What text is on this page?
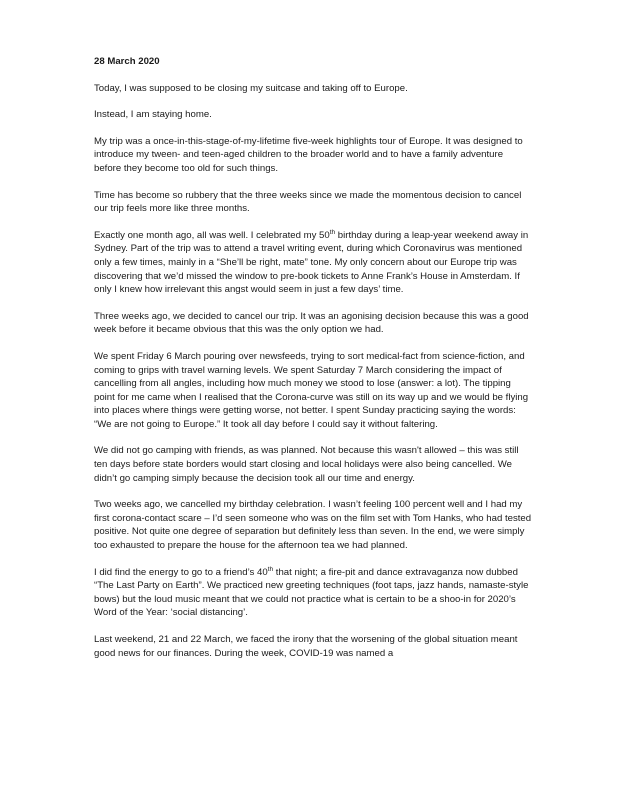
28 March 2020

Today, I was supposed to be closing my suitcase and taking off to Europe.

Instead, I am staying home.

My trip was a once-in-this-stage-of-my-lifetime five-week highlights tour of Europe. It was designed to introduce my tween- and teen-aged children to the broader world and to have a family adventure before they become too old for such things.

Time has become so rubbery that the three weeks since we made the momentous decision to cancel our trip feels more like three months.

Exactly one month ago, all was well. I celebrated my 50th birthday during a leap-year weekend away in Sydney. Part of the trip was to attend a travel writing event, during which Coronavirus was mentioned only a few times, mainly in a “She’ll be right, mate” tone. My only concern about our Europe trip was discovering that we’d missed the window to pre-book tickets to Anne Frank’s House in Amsterdam. If only I knew how irrelevant this angst would seem in just a few days’ time.

Three weeks ago, we decided to cancel our trip. It was an agonising decision because this was a good week before it became obvious that this was the only option we had.

We spent Friday 6 March pouring over newsfeeds, trying to sort medical-fact from science-fiction, and coming to grips with travel warning levels. We spent Saturday 7 March considering the impact of cancelling from all angles, including how much money we stood to lose (answer: a lot). The tipping point for me came when I realised that the Corona-curve was still on its way up and we would be flying into places where things were getting worse, not better. I spent Sunday practicing saying the words: “We are not going to Europe.” It took all day before I could say it without faltering.

We did not go camping with friends, as was planned. Not because this wasn't allowed – this was still ten days before state borders would start closing and local holidays were also being cancelled. We didn’t go camping simply because the decision took all our time and energy.

Two weeks ago, we cancelled my birthday celebration. I wasn’t feeling 100 percent well and I had my first corona-contact scare – I’d seen someone who was on the film set with Tom Hanks, who had tested positive. Not quite one degree of separation but definitely less than seven. In the end, we were simply too exhausted to prepare the house for the afternoon tea we had planned.

I did find the energy to go to a friend’s 40th that night; a fire-pit and dance extravaganza now dubbed “The Last Party on Earth”. We practiced new greeting techniques (foot taps, jazz hands, namaste-style bows) but the loud music meant that we could not practice what is certain to be a shoo-in for 2020’s Word of the Year: ‘social distancing’.

Last weekend, 21 and 22 March, we faced the irony that the worsening of the global situation meant good news for our finances. During the week, COVID-19 was named a
